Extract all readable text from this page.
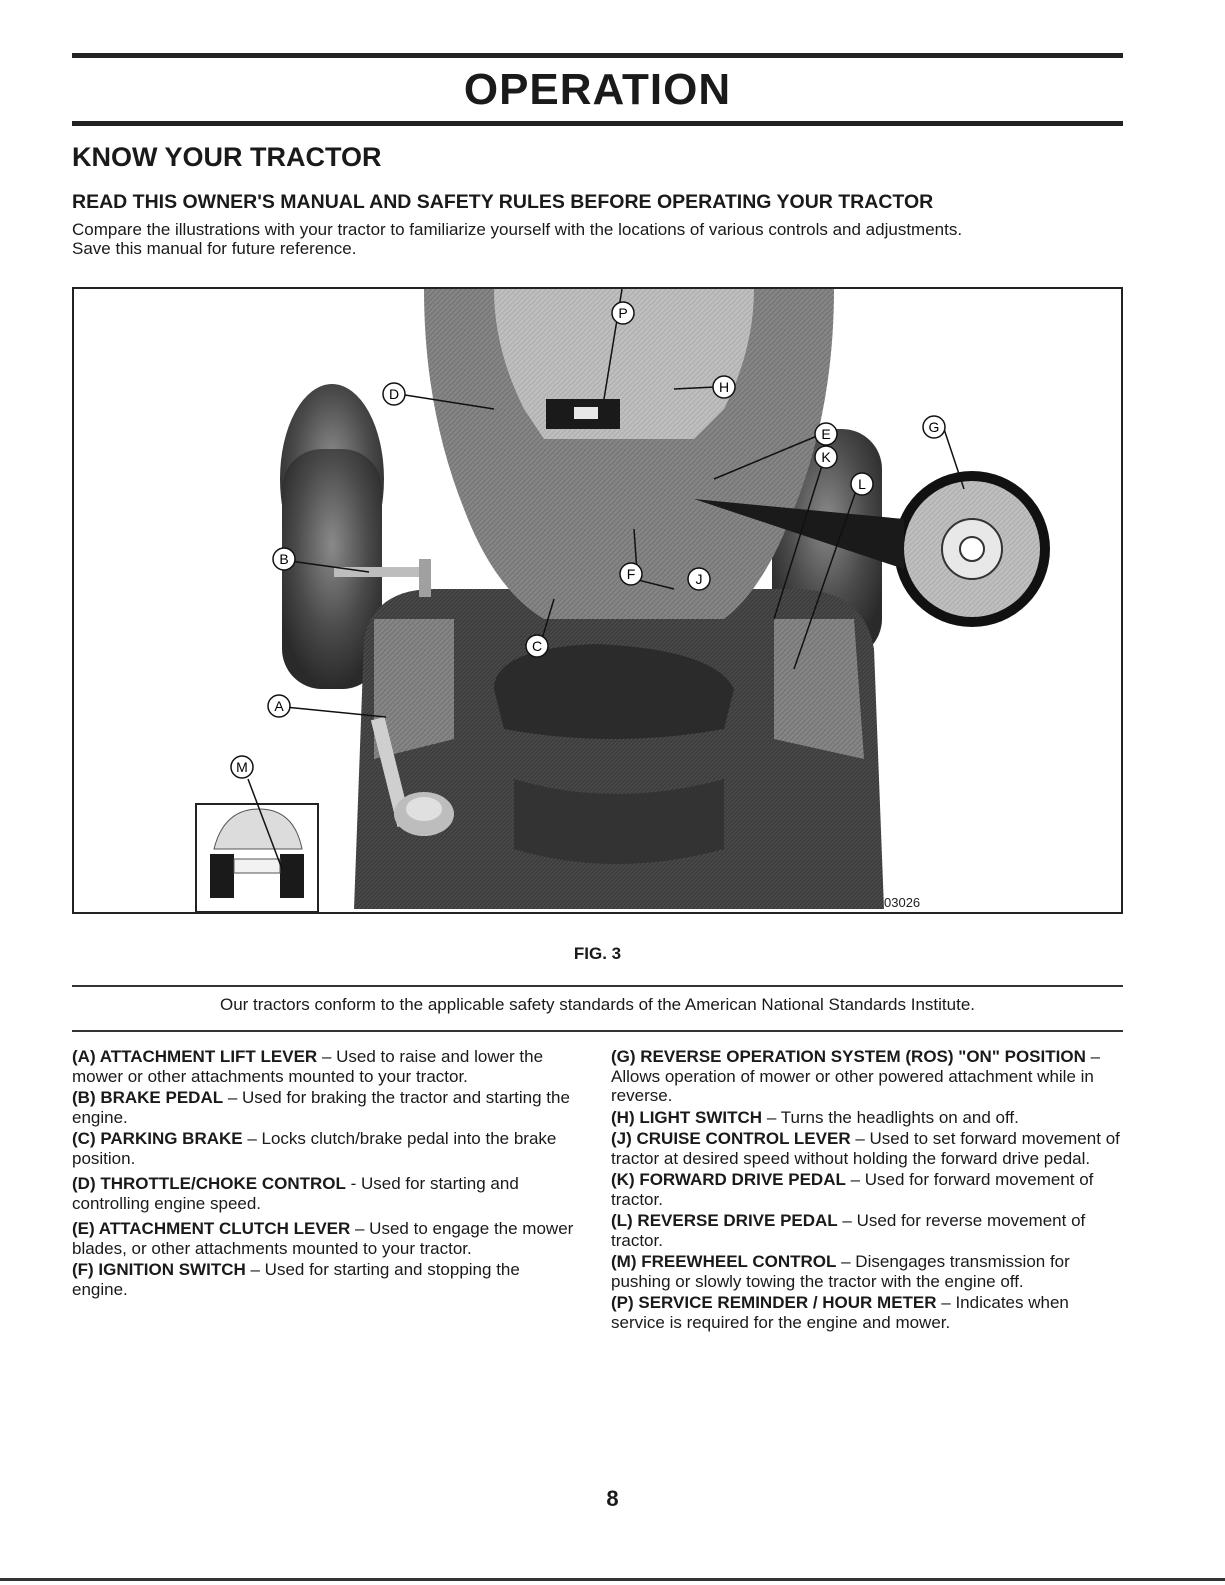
OPERATION
KNOW YOUR TRACTOR
READ THIS OWNER'S MANUAL AND SAFETY RULES BEFORE OPERATING YOUR TRACTOR
Compare the illustrations with your tractor to familiarize yourself with the locations of various controls and adjustments.
Save this manual for future reference.
A
B
C
D
E
F
G
H
J
K
L
M
P
03026
FIG. 3
Our tractors conform to the applicable safety standards of the American National Standards Institute.
(A) ATTACHMENT LIFT LEVER – Used to raise and lower the mower or other attachments mounted to your tractor.
(B) BRAKE PEDAL – Used for braking the tractor and starting the engine.
(C) PARKING BRAKE – Locks clutch/brake pedal into the brake position.
(D) THROTTLE/CHOKE CONTROL - Used for starting and controlling engine speed.
(E) ATTACHMENT CLUTCH LEVER – Used to engage the mower blades, or other attachments mounted to your tractor.
(F) IGNITION SWITCH – Used for starting and stopping the engine.
(G) REVERSE OPERATION SYSTEM (ROS) "ON" POSITION – Allows operation of mower or other powered attachment while in reverse.
(H) LIGHT SWITCH – Turns the headlights on and off.
(J) CRUISE CONTROL LEVER – Used to set forward movement of tractor at desired speed without holding the forward drive pedal.
(K) FORWARD DRIVE PEDAL – Used for forward movement of tractor.
(L) REVERSE DRIVE PEDAL – Used for reverse movement of tractor.
(M) FREEWHEEL CONTROL – Disengages transmission for pushing or slowly towing the tractor with the engine off.
(P) SERVICE REMINDER / HOUR METER – Indicates when service is required for the engine and mower.
8
